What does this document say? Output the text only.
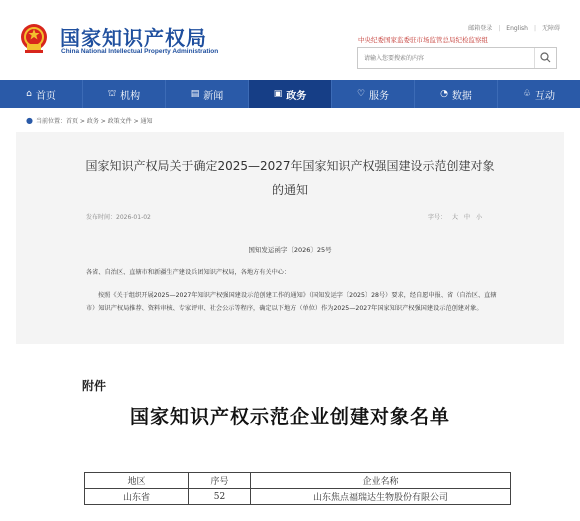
国家知识产权局
China National Intellectual Property Administration
邮箱登录 | English | 无障碍
中央纪委国家监委驻市场监管总局纪检监察组
请输入您要搜索的内容
⌂ 首页	⛫ 机构	▤ 新闻	▣ 政务	♡ 服务	◔ 数据	♧ 互动
● 当前位置：首页 > 政务 > 政策文件 > 通知
国家知识产权局关于确定2025—2027年国家知识产权强国建设示范创建对象
的通知
发布时间：2026-01-02	字号： 大 中 小
国知发运函字〔2026〕25号
各省、自治区、直辖市和新疆生产建设兵团知识产权局，各地方有关中心：
按照《关于组织开展2025—2027年知识产权强国建设示范创建工作的通知》（国知发运字〔2025〕28号）要求，经自愿申报、省（自治区、直辖市）知识产权局推荐、资料审核、专家评审、社会公示等程序，确定以下地方（单位）作为2025—2027年国家知识产权强国建设示范创建对象。
附件
国家知识产权示范企业创建对象名单
地区	序号	企业名称
山东省	52	山东焦点福瑞达生物股份有限公司
